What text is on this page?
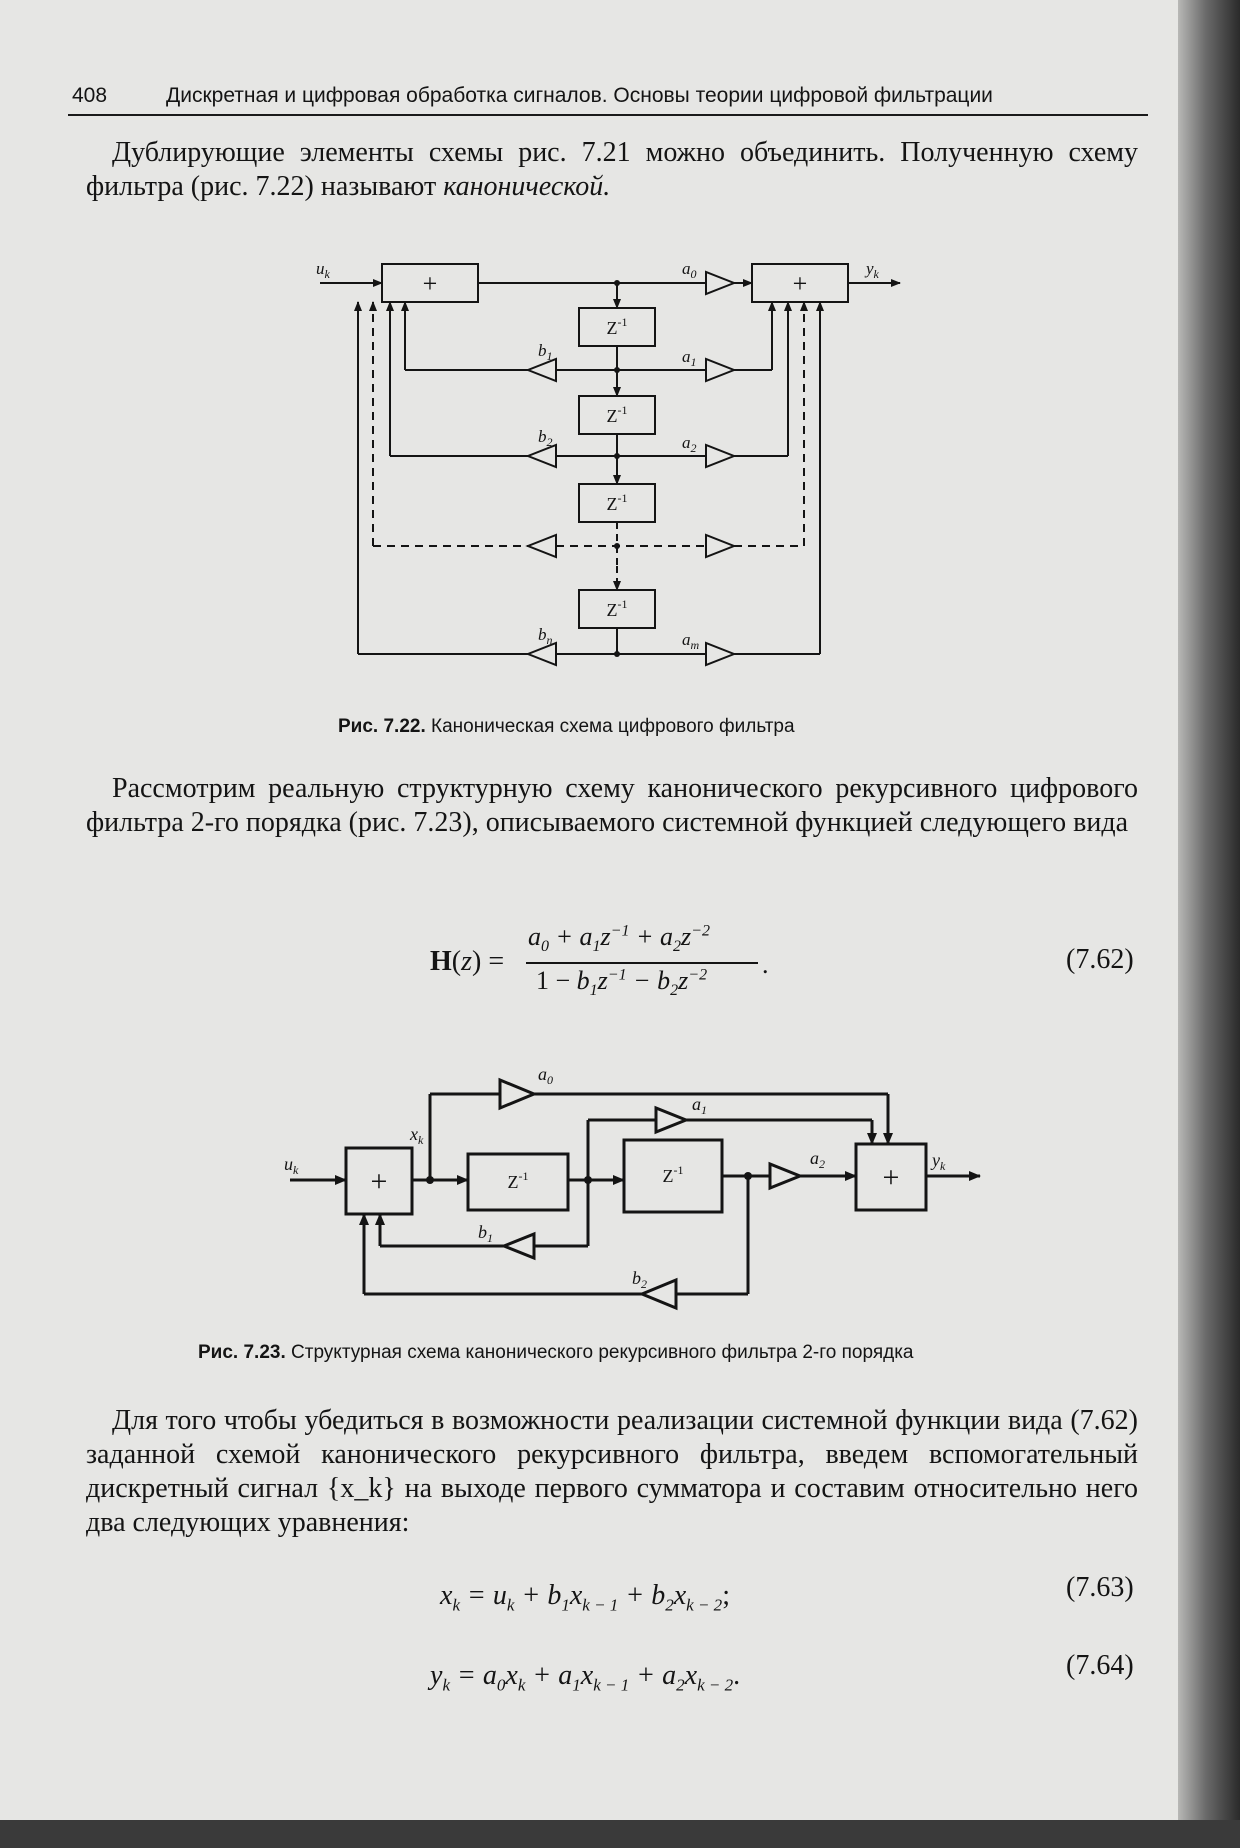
408	Дискретная и цифровая обработка сигналов. Основы теории цифровой фильтрации
Дублирующие элементы схемы рис. 7.21 можно объединить. Полученную схему фильтра (рис. 7.22) называют канонической.
+	+
$Z^{-1}$
$Z^{-1}$
$Z^{-1}$
$Z^{-1}$
$u_k$	$y_k$
$a_0$
$a_1$
$a_2$
$a_m$
$b_1$
$b_2$
$b_n$
Рис. 7.22. Каноническая схема цифрового фильтра
Рассмотрим реальную структурную схему канонического рекурсивного цифрового фильтра 2-го порядка (рис. 7.23), описываемого системной функцией следующего вида
H(z) =
$a_0 + a_1z^{-1} + a_2z^{-2}$
$1 - b_1z^{-1} - b_2z^{-2}$ .	(7.62)
+	+
$Z^{-1}$	$Z^{-1}$
$u_k$
$x_k$
$y_k$
$a_0$
$a_1$
$a_2$
$b_1$
$b_2$
Рис. 7.23. Структурная схема канонического рекурсивного фильтра 2-го порядка
Для того чтобы убедиться в возможности реализации системной функции вида (7.62) заданной схемой канонического рекурсивного фильтра, введем вспомогательный дискретный сигнал {x_k} на выходе первого сумматора и составим относительно него два следующих уравнения:
$x_k = u_k + b_1x_{k - 1} + b_2x_{k - 2}$;	(7.63)
$y_k = a_0x_k + a_1x_{k - 1} + a_2x_{k - 2}$.	(7.64)
